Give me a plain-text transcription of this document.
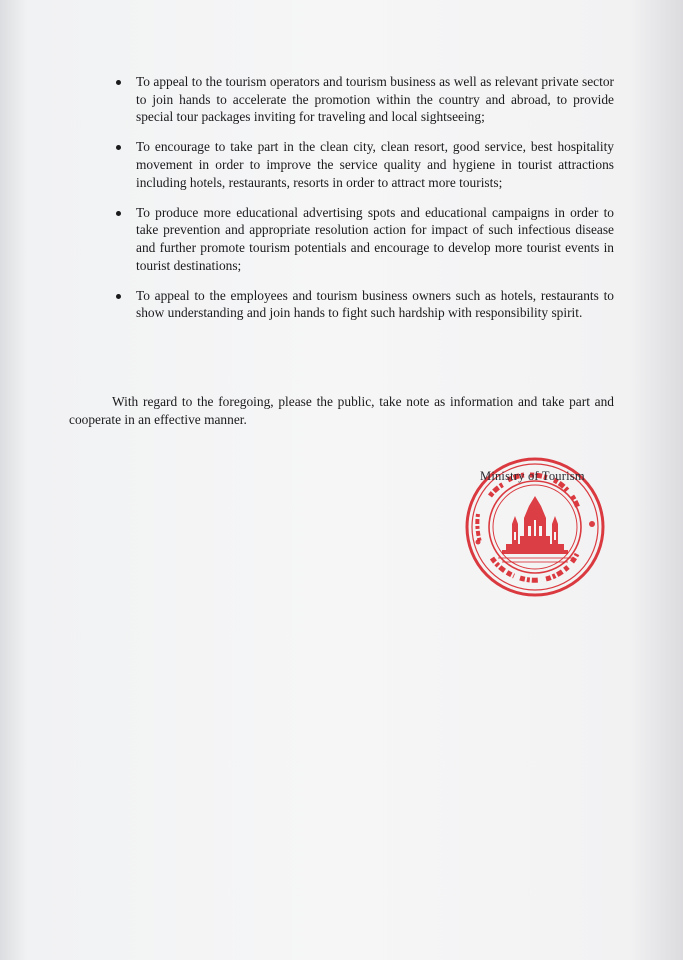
To appeal to the tourism operators and tourism business as well as relevant private sector to join hands to accelerate the promotion within the country and abroad, to provide special tour packages inviting for traveling and local sightseeing;
To encourage to take part in the clean city, clean resort, good service, best hospitality movement in order to improve the service quality and hygiene in tourist attractions including hotels, restaurants, resorts in order to attract more tourists;
To produce more educational advertising spots and educational campaigns in order to take prevention and appropriate resolution action for impact of such infectious disease and further promote tourism potentials and encourage to develop more tourist events in tourist destinations;
To appeal to the employees and tourism business owners such as hotels, restaurants to show understanding and join hands to fight such hardship with responsibility spirit.

With regard to the foregoing, please the public, take note as information and take part and cooperate in an effective manner.

Ministry of Tourism
